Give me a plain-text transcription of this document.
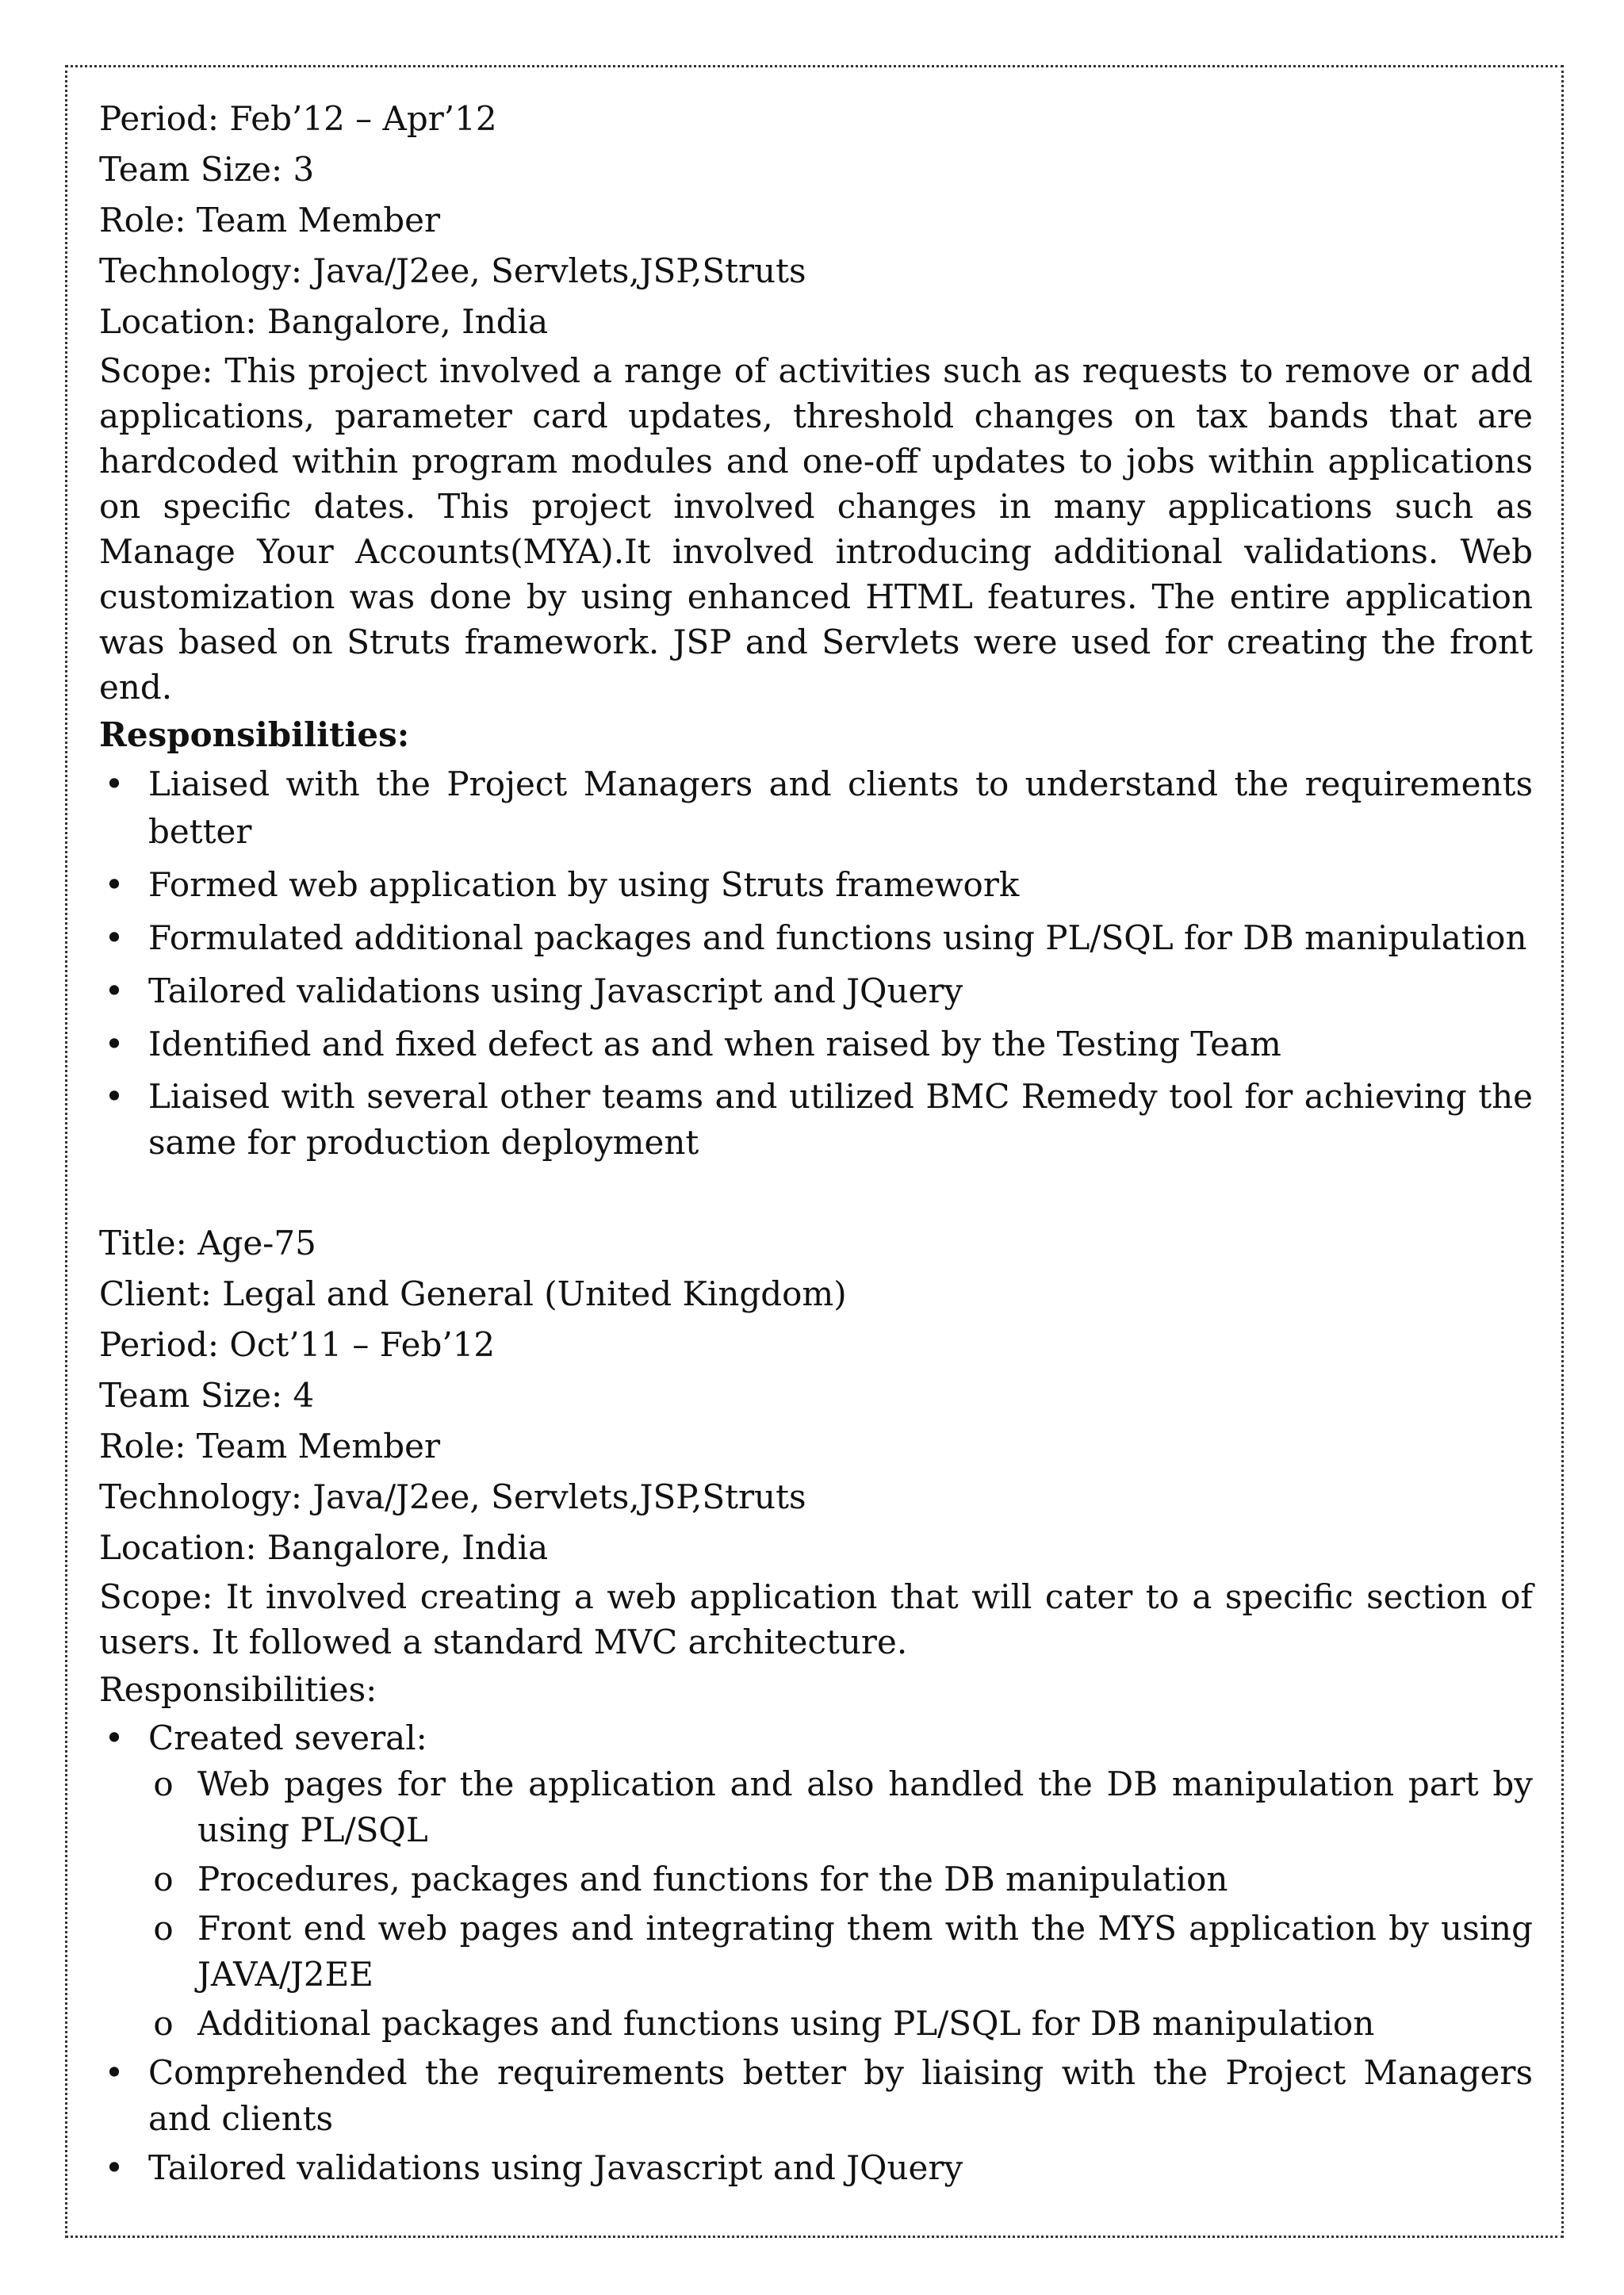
Period: Feb’12 – Apr’12
Team Size: 3
Role: Team Member
Technology: Java/J2ee, Servlets,JSP,Struts
Location: Bangalore, India
Scope: This project involved a range of activities such as requests to remove or add applications, parameter card updates, threshold changes on tax bands that are hardcoded within program modules and one-off updates to jobs within applications on specific dates. This project involved changes in many applications such as Manage Your Accounts(MYA).It involved introducing additional validations. Web customization was done by using enhanced HTML features. The entire application was based on Struts framework. JSP and Servlets were used for creating the front end.
Responsibilities:
• Liaised with the Project Managers and clients to understand the requirements better
• Formed web application by using Struts framework
• Formulated additional packages and functions using PL/SQL for DB manipulation
• Tailored validations using Javascript and JQuery
• Identified and fixed defect as and when raised by the Testing Team
• Liaised with several other teams and utilized BMC Remedy tool for achieving the same for production deployment
Title: Age-75
Client: Legal and General (United Kingdom)
Period: Oct’11 – Feb’12
Team Size: 4
Role: Team Member
Technology: Java/J2ee, Servlets,JSP,Struts
Location: Bangalore, India
Scope: It involved creating a web application that will cater to a specific section of users. It followed a standard MVC architecture.
Responsibilities:
• Created several:
o Web pages for the application and also handled the DB manipulation part by using PL/SQL
o Procedures, packages and functions for the DB manipulation
o Front end web pages and integrating them with the MYS application by using JAVA/J2EE
o Additional packages and functions using PL/SQL for DB manipulation
• Comprehended the requirements better by liaising with the Project Managers and clients
• Tailored validations using Javascript and JQuery
